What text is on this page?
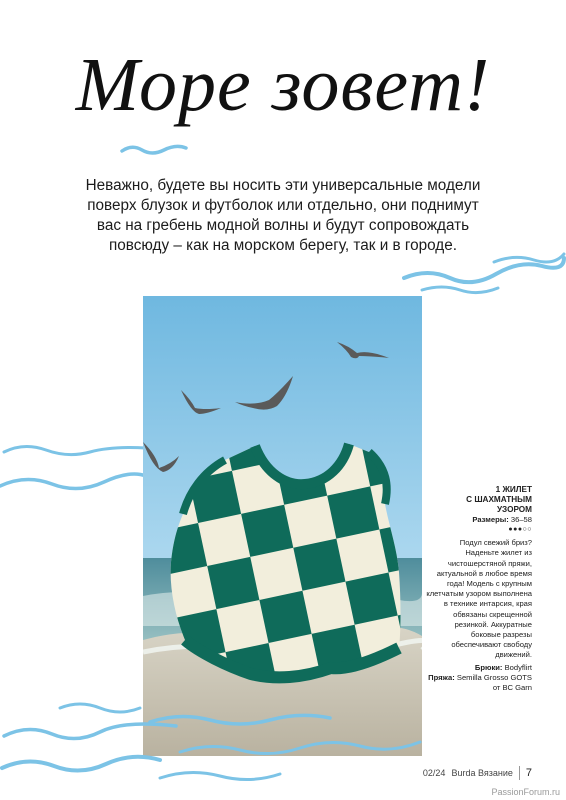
Море зовет!

Неважно, будете вы носить эти универсальные модели поверх блузок и футболок или отдельно, они поднимут вас на гребень модной волны и будут сопровождать повсюду – как на морском берегу, так и в городе.

1 ЖИЛЕТ
С ШАХМАТНЫМ
УЗОРОМ
Размеры: 36–58
●●●○○
Подул свежий бриз? Наденьте жилет из чистошерстяной пряжи, актуальной в любое время года! Модель с крупным клетчатым узором выполнена в технике интарсия, края обвязаны скрещенной резинкой. Аккуратные боковые разрезы обеспечивают свободу движений.
Брюки: Bodyflirt
Пряжа: Semilla Grosso GOTS от BC Garn
02/24 Burda Вязание 7
PassionForum.ru
